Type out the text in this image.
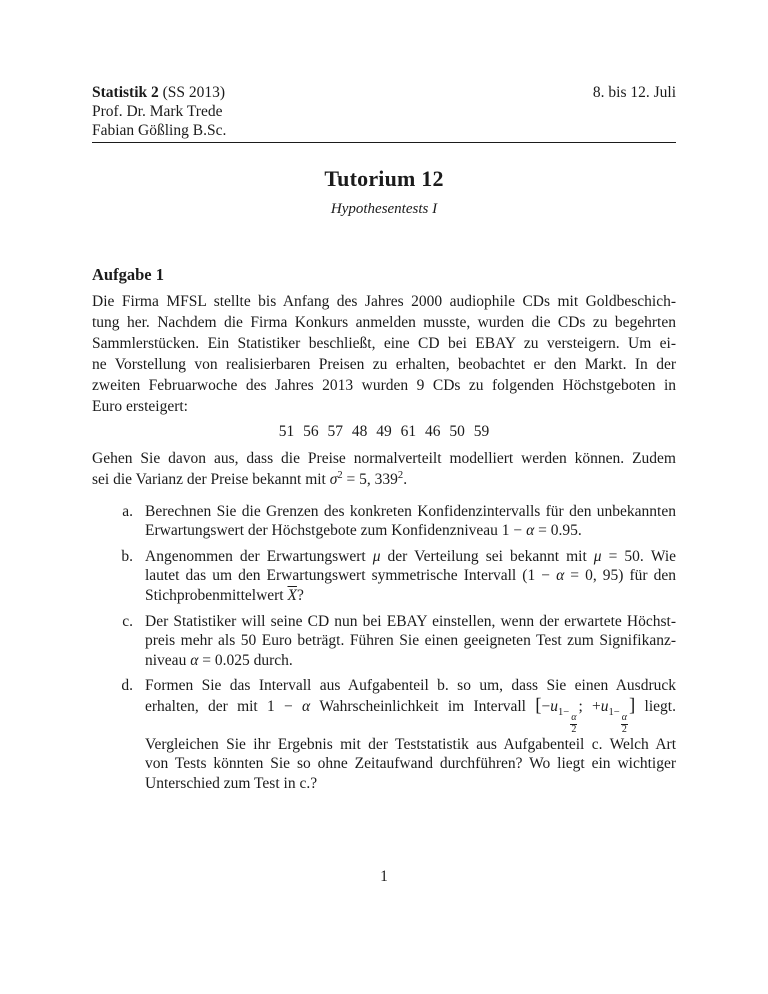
Statistik 2 (SS 2013)	8. bis 12. Juli
Prof. Dr. Mark Trede
Fabian Gößling B.Sc.
Tutorium 12
Hypothesentests I
Aufgabe 1
Die Firma MFSL stellte bis Anfang des Jahres 2000 audiophile CDs mit Goldbeschich-
tung her. Nachdem die Firma Konkurs anmelden musste, wurden die CDs zu begehrten
Sammlerstücken. Ein Statistiker beschließt, eine CD bei EBAY zu versteigern. Um ei-
ne Vorstellung von realisierbaren Preisen zu erhalten, beobachtet er den Markt. In der
zweiten Februarwoche des Jahres 2013 wurden 9 CDs zu folgenden Höchstgeboten in
Euro ersteigert:
51 56 57 48 49 61 46 50 59
Gehen Sie davon aus, dass die Preise normalverteilt modelliert werden können. Zudem
sei die Varianz der Preise bekannt mit $\sigma^2 = 5$, $339^2$.
a. Berechnen Sie die Grenzen des konkreten Konfidenzintervalls für den unbekannten
Erwartungswert der Höchstgebote zum Konfidenzniveau 1 − α = 0.95.
b. Angenommen der Erwartungswert μ der Verteilung sei bekannt mit μ = 50. Wie
lautet das um den Erwartungswert symmetrische Intervall (1 − α = 0, 95) für den
Stichprobenmittelwert $\overline{X}$?
c. Der Statistiker will seine CD nun bei EBAY einstellen, wenn der erwartete Höchst-
preis mehr als 50 Euro beträgt. Führen Sie einen geeigneten Test zum Signifikanz-
niveau α = 0.025 durch.
d. Formen Sie das Intervall aus Aufgabenteil b. so um, dass Sie einen Ausdruck
erhalten, der mit 1 − α Wahrscheinlichkeit im Intervall [$-u_{1- \frac{\alpha}{2}}$
; $+u_{1- \frac{\alpha}{2}}$
] liegt.
Vergleichen Sie ihr Ergebnis mit der Teststatistik aus Aufgabenteil c. Welch Art
von Tests könnten Sie so ohne Zeitaufwand durchführen? Wo liegt ein wichtiger
Unterschied zum Test in c.?
1
